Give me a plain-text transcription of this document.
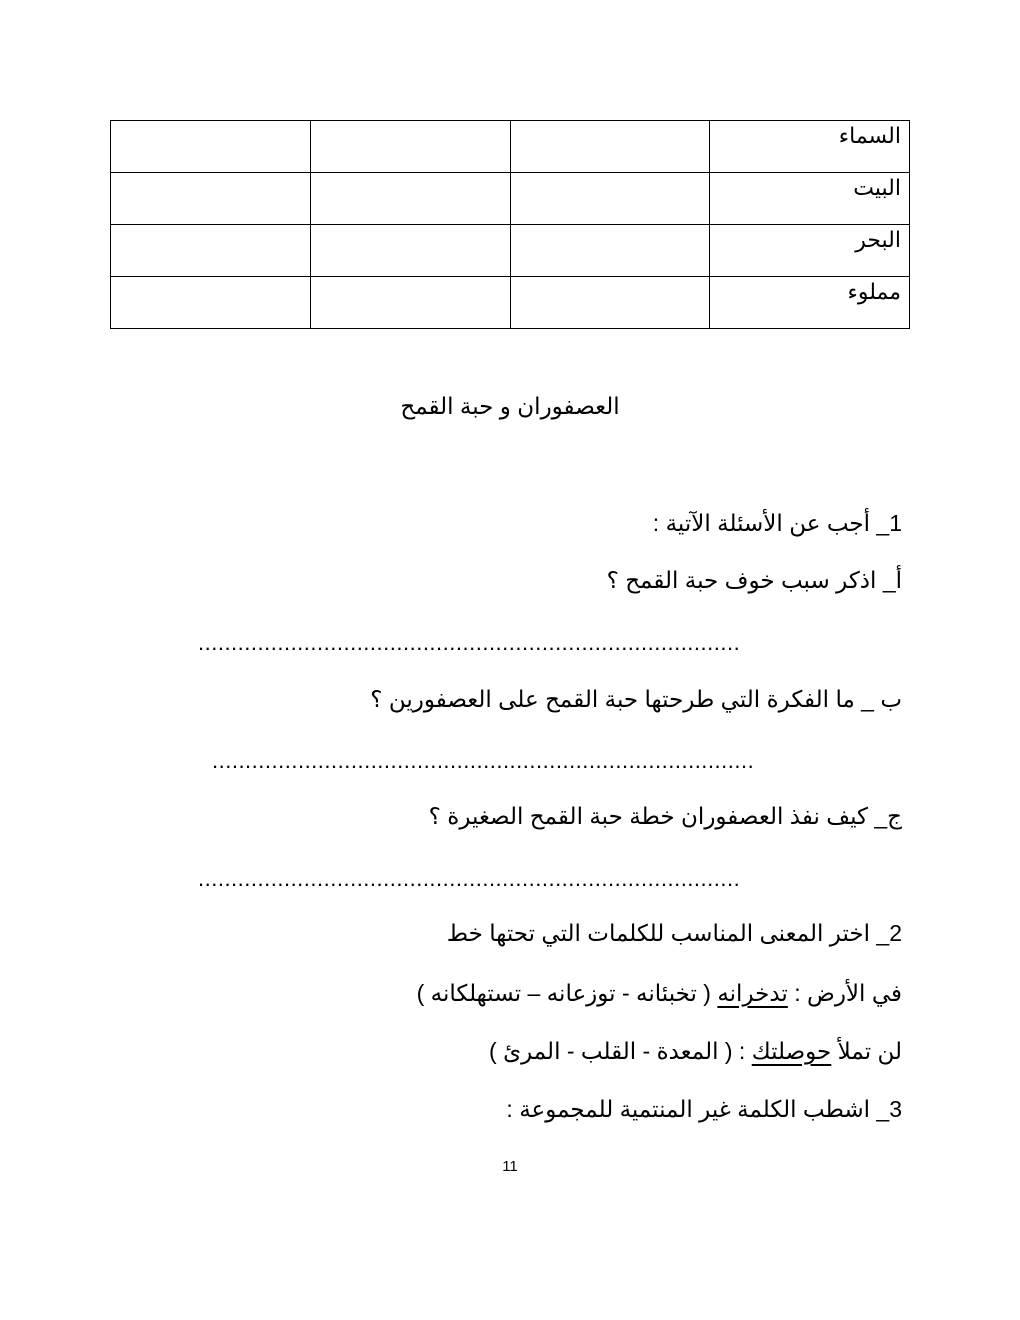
			السماء

			البيت

			البحر

			مملوء
العصفوران و حبة القمح
1_ أجب عن الأسئلة الآتية :
أ_ اذكر سبب خوف حبة القمح ؟
..................................................................................
ب _ ما الفكرة التي طرحتها حبة القمح على العصفورين ؟
..................................................................................
ج_ كيف نفذ العصفوران خطة حبة القمح الصغيرة ؟
..................................................................................
2_ اختر المعنى المناسب للكلمات التي تحتها خط
في الأرض : تدخرانه ( تخبئانه - توزعانه – تستهلكانه )
لن تملأ حوصلتك : ( المعدة - القلب - المرئ )
3_ اشطب الكلمة غير المنتمية للمجموعة :
11
